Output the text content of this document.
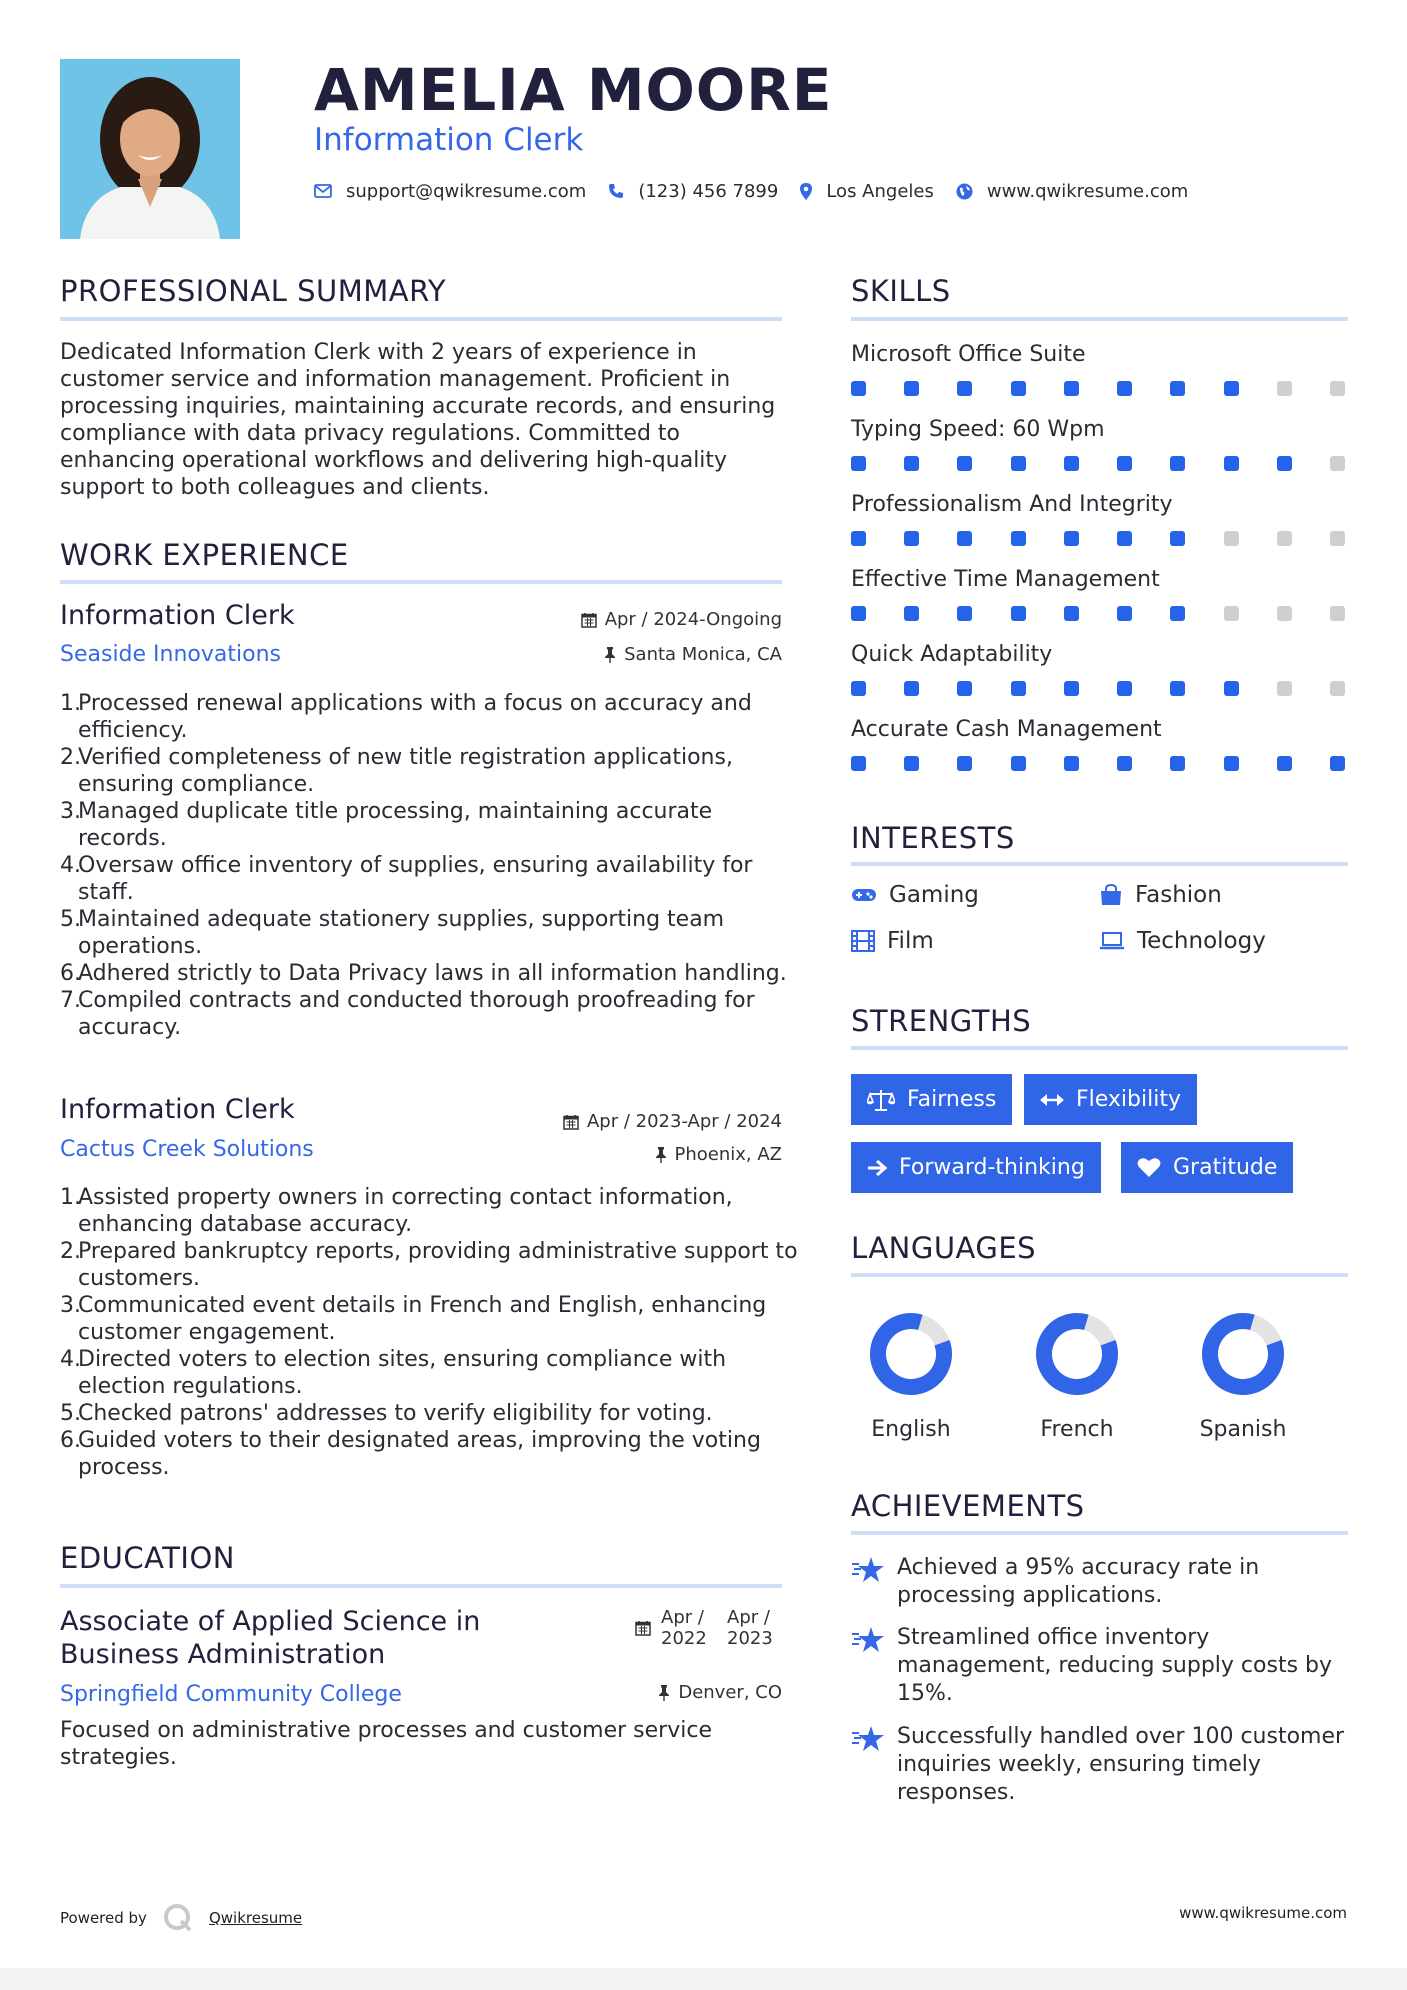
AMELIA MOORE
Information Clerk
support@qwikresume.com	(123) 456 7899	Los Angeles	www.qwikresume.com
PROFESSIONAL SUMMARY
Dedicated Information Clerk with 2 years of experience in customer service and information management. Proficient in processing inquiries, maintaining accurate records, and ensuring compliance with data privacy regulations. Committed to enhancing operational workflows and delivering high-quality support to both colleagues and clients.
WORK EXPERIENCE
Information Clerk	Apr / 2024-Ongoing
Seaside Innovations	Santa Monica, CA
Processed renewal applications with a focus on accuracy and efficiency.
Verified completeness of new title registration applications, ensuring compliance.
Managed duplicate title processing, maintaining accurate records.
Oversaw office inventory of supplies, ensuring availability for staff.
Maintained adequate stationery supplies, supporting team operations.
Adhered strictly to Data Privacy laws in all information handling.
Compiled contracts and conducted thorough proofreading for accuracy.
Information Clerk	Apr / 2023-Apr / 2024
Cactus Creek Solutions	Phoenix, AZ
Assisted property owners in correcting contact information, enhancing database accuracy.
Prepared bankruptcy reports, providing administrative support to customers.
Communicated event details in French and English, enhancing customer engagement.
Directed voters to election sites, ensuring compliance with election regulations.
Checked patrons' addresses to verify eligibility for voting.
Guided voters to their designated areas, improving the voting process.
EDUCATION
Associate of Applied Science in Business Administration
Apr / 2022
Apr / 2023
Springfield Community College	Denver, CO
Focused on administrative processes and customer service strategies.
SKILLS
Microsoft Office Suite
Typing Speed: 60 Wpm
Professionalism And Integrity
Effective Time Management
Quick Adaptability
Accurate Cash Management
INTERESTS
Gaming	Fashion
Film	Technology
STRENGTHS
Fairness	Flexibility
Forward-thinking	Gratitude
LANGUAGES
English	French	Spanish
ACHIEVEMENTS
Achieved a 95% accuracy rate in processing applications.
Streamlined office inventory management, reducing supply costs by 15%.
Successfully handled over 100 customer inquiries weekly, ensuring timely responses.
Powered by	Qwikresume	www.qwikresume.com
